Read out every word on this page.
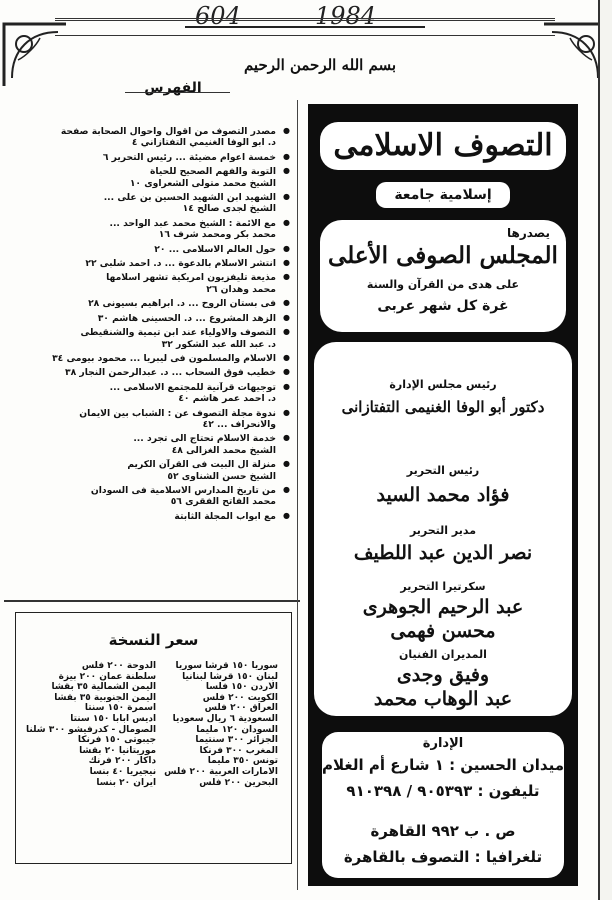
604	1984
بسم الله الرحمن الرحيم
الفهرس
● مصدر التصوف من اقوال واحوال الصحابة صفحة
د. ابو الوفا الغنيمي التفتازاني ٤
● خمسة اعوام مضيئة ... رئيس التحرير ٦
● التوبة والفهم الصحيح للحياة
الشيخ محمد متولى الشعراوى ١٠
● الشهيد ابن الشهيد الحسين بن على ...
الشيخ لجدى صالح ١٤
● مع الائمة : الشيخ محمد عبد الواحد ...
محمد بكر ومحمد شرف ١٦
● حول العالم الاسلامى ... ٢٠
● انتشر الاسلام بالدعوة ... د. احمد شلبى ٢٢
● مذيعة تليفزيون امريكية تشهر اسلامها
محمد وهدان ٢٦
● فى بستان الروح ... د. ابراهيم بسيونى ٢٨
● الزهد المشروع ... د. الحسينى هاشم ٣٠
● التصوف والاولياء عند ابن تيمية والشنقيطى
د. عبد الله عبد الشكور ٣٢
● الاسلام والمسلمون فى ليبريا ... محمود بيومى ٣٤
● خطيب فوق السحاب ... د. عبدالرحمن النجار ٣٨
● توجيهات قرآنية للمجتمع الاسلامى ...
د. احمد عمر هاشم ٤٠
● ندوة مجلة التصوف عن : الشباب بين الايمان
والانحراف ... ٤٢
● خدمة الاسلام تحتاج الى تجرد ...
الشيخ محمد الغزالى ٤٨
● منزلة ال البيت فى القرآن الكريم
الشيخ حسن الشناوى ٥٢
● من تاريخ المدارس الاسلامية فى السودان
محمد الفاتح الفقرى ٥٦
● مع ابواب المجلة الثابتة
سعر النسخة
سوريا ١٥٠ قرشا سوريا
لبنان ١٥٠ قرشا لبنانيا
الاردن ١٥٠ فلسا
الكويت ٢٠٠ فلس
العراق ٢٠٠ فلس
السعودية ٦ ريال سعوديا
السودان ١٢٠ مليما
الجزائر ٣٠٠ سنتيما
المغرب ٣٠٠ فرنكا
تونس ٣٥٠ مليما
الامارات العربية ٢٠٠ فلس
البحرين ٢٠٠ فلس
الدوحة ٢٠٠ فلس
سلطنة عمان ٢٠٠ بيزة
اليمن الشمالية ٣٥ بقشا
اليمن الجنوبية ٣٥ بقشا
اسمرة ١٥٠ سنتا
اديس ابابا ١٥٠ سنتا
الصومال - كدرفيشو ٣٠٠ شلنا
جيبوتى ١٥٠ فرنكا
موريتانيا ٢٠ بقشا
داكار ٢٠٠ فرنك
نيجيريا ٤٠ بنسا
ايران ٢٠ بنسا
التصوف الاسلامى
إسلامية جامعة
يصدرها
المجلس الصوفى الأعلى
على هدى من القرآن والسنة
غرة كل شهر عربى
رئيس مجلس الإدارة
دكتور أبو الوفا الغنيمى التفتازانى
رئيس التحرير
فؤاد محمد السيد
مدير التحرير
نصر الدين عبد اللطيف
سكرتيرا التحرير
عبد الرحيم الجوهرى
محسن فهمى
المديران الفنيان
وفيق وجدى
عبد الوهاب محمد
الإدارة
ميدان الحسين : ١ شارع أم الغلام
تليفون : ٩٠٥٣٩٣ / ٩١٠٣٩٨
ص . ب ٩٩٢ القاهرة
تلغرافيا : التصوف بالقاهرة
